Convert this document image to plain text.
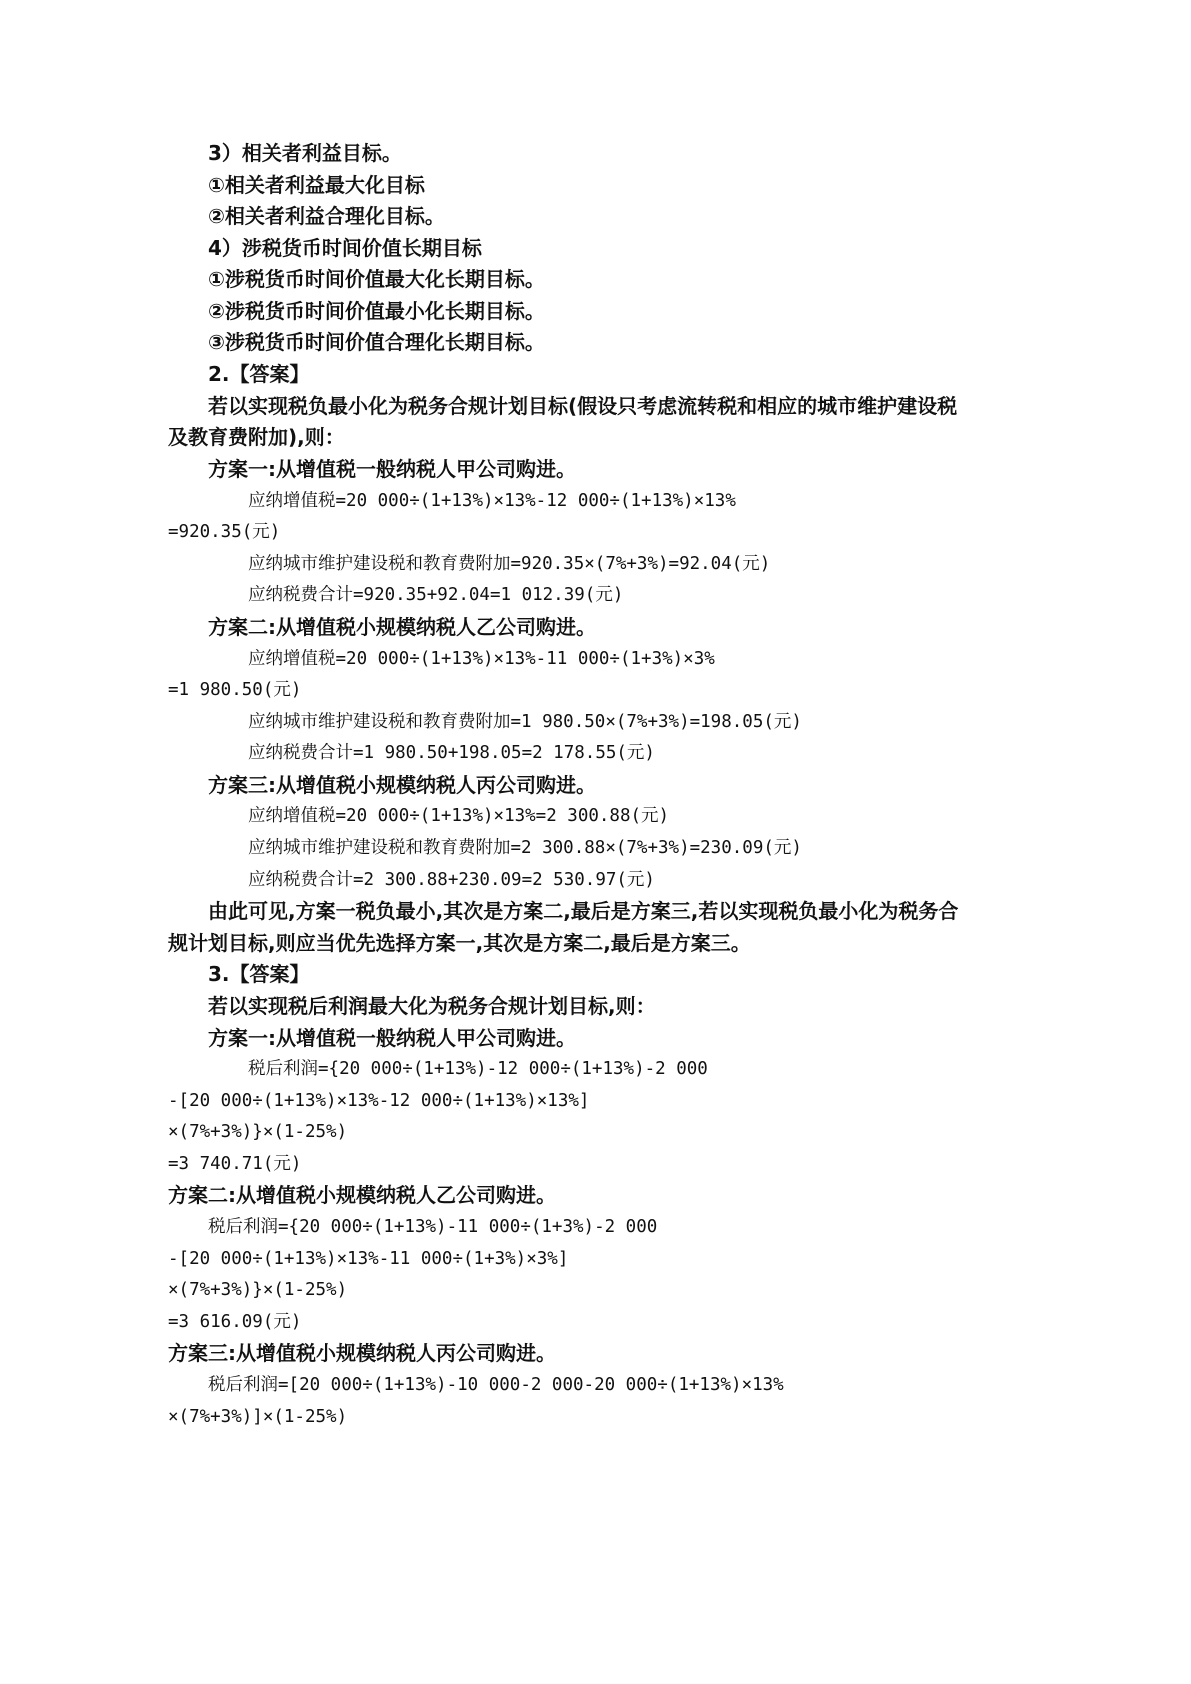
3）相关者利益目标。
①相关者利益最大化目标
②相关者利益合理化目标。
4）涉税货币时间价值长期目标
①涉税货币时间价值最大化长期目标。
②涉税货币时间价值最小化长期目标。
③涉税货币时间价值合理化长期目标。
2.【答案】
若以实现税负最小化为税务合规计划目标(假设只考虑流转税和相应的城市维护建设税
及教育费附加),则：
方案一:从增值税一般纳税人甲公司购进。
应纳增值税=20 000÷(1+13%)×13%-12 000÷(1+13%)×13%
=920.35(元)
应纳城市维护建设税和教育费附加=920.35×(7%+3%)=92.04(元)
应纳税费合计=920.35+92.04=1 012.39(元)
方案二:从增值税小规模纳税人乙公司购进。
应纳增值税=20 000÷(1+13%)×13%-11 000÷(1+3%)×3%
=1 980.50(元)
应纳城市维护建设税和教育费附加=1 980.50×(7%+3%)=198.05(元)
应纳税费合计=1 980.50+198.05=2 178.55(元)
方案三:从增值税小规模纳税人丙公司购进。
应纳增值税=20 000÷(1+13%)×13%=2 300.88(元)
应纳城市维护建设税和教育费附加=2 300.88×(7%+3%)=230.09(元)
应纳税费合计=2 300.88+230.09=2 530.97(元)
由此可见,方案一税负最小,其次是方案二,最后是方案三,若以实现税负最小化为税务合
规计划目标,则应当优先选择方案一,其次是方案二,最后是方案三。
3.【答案】
若以实现税后利润最大化为税务合规计划目标,则：
方案一:从增值税一般纳税人甲公司购进。
税后利润={20 000÷(1+13%)-12 000÷(1+13%)-2 000
-[20 000÷(1+13%)×13%-12 000÷(1+13%)×13%]
×(7%+3%)}×(1-25%)
=3 740.71(元)
方案二:从增值税小规模纳税人乙公司购进。
税后利润={20 000÷(1+13%)-11 000÷(1+3%)-2 000
-[20 000÷(1+13%)×13%-11 000÷(1+3%)×3%]
×(7%+3%)}×(1-25%)
=3 616.09(元)
方案三:从增值税小规模纳税人丙公司购进。
税后利润=[20 000÷(1+13%)-10 000-2 000-20 000÷(1+13%)×13%
×(7%+3%)]×(1-25%)
